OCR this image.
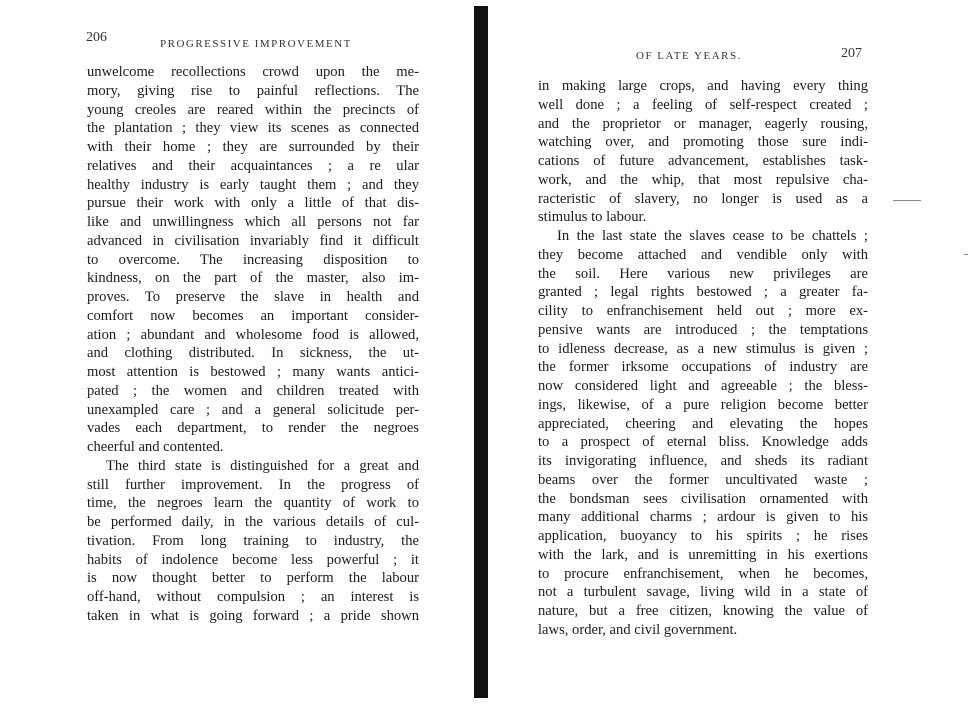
206	PROGRESSIVE IMPROVEMENT
unwelcome recollections crowd upon the me-
mory, giving rise to painful reflections. The
young creoles are reared within the precincts of
the plantation ; they view its scenes as connected
with their home ; they are surrounded by their
relatives and their acquaintances ; a re ular
healthy industry is early taught them ; and they
pursue their work with only a little of that dis-
like and unwillingness which all persons not far
advanced in civilisation invariably find it difficult
to overcome. The increasing disposition to
kindness, on the part of the master, also im-
proves. To preserve the slave in health and
comfort now becomes an important consider-
ation ; abundant and wholesome food is allowed,
and clothing distributed. In sickness, the ut-
most attention is bestowed ; many wants antici-
pated ; the women and children treated with
unexampled care ; and a general solicitude per-
vades each department, to render the negroes
cheerful and contented.
The third state is distinguished for a great and
still further improvement. In the progress of
time, the negroes learn the quantity of work to
be performed daily, in the various details of cul-
tivation. From long training to industry, the
habits of indolence become less powerful ; it
is now thought better to perform the labour
off-hand, without compulsion ; an interest is
taken in what is going forward ; a pride shown
OF LATE YEARS.	207
in making large crops, and having every thing
well done ; a feeling of self-respect created ;
and the proprietor or manager, eagerly rousing,
watching over, and promoting those sure indi-
cations of future advancement, establishes task-
work, and the whip, that most repulsive cha-
racteristic of slavery, no longer is used as a
stimulus to labour.
In the last state the slaves cease to be chattels ;
they become attached and vendible only with
the soil. Here various new privileges are
granted ; legal rights bestowed ; a greater fa-
cility to enfranchisement held out ; more ex-
pensive wants are introduced ; the temptations
to idleness decrease, as a new stimulus is given ;
the former irksome occupations of industry are
now considered light and agreeable ; the bless-
ings, likewise, of a pure religion become better
appreciated, cheering and elevating the hopes
to a prospect of eternal bliss. Knowledge adds
its invigorating influence, and sheds its radiant
beams over the former uncultivated waste ;
the bondsman sees civilisation ornamented with
many additional charms ; ardour is given to his
application, buoyancy to his spirits ; he rises
with the lark, and is unremitting in his exertions
to procure enfranchisement, when he becomes,
not a turbulent savage, living wild in a state of
nature, but a free citizen, knowing the value of
laws, order, and civil government.
